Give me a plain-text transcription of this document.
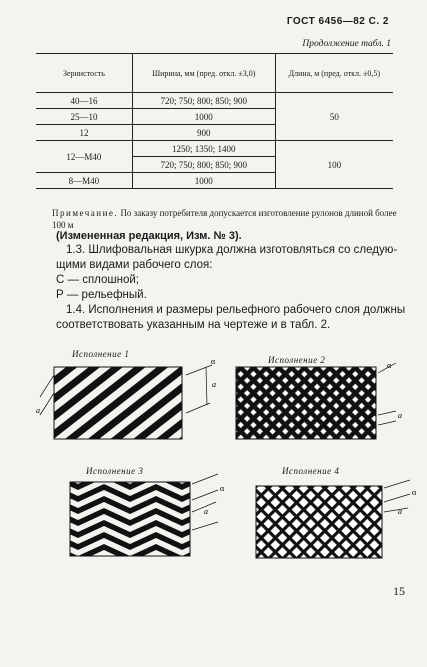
ГОСТ 6456—82 С. 2
Продолжение табл. 1
Зернистость	Ширина, мм (пред. откл. ±3,0)	Длина, м (пред. откл. ±0,5)
40—16	720; 750; 800; 850; 900	50
25—10	1000	
12	900	
12—M40	1250; 1350; 1400	100
	720; 750; 800; 850; 900	
8—M40	1000	
Примечание. По заказу потребителя допускается изготовление рулонов длиной более 100 м
(Измененная редакция, Изм. № 3).
1.3. Шлифовальная шкурка должна изготовляться со следую-
щими видами рабочего слоя:
С — сплошной;
Р — рельефный.
1.4. Исполнения и размеры рельефного рабочего слоя должны
соответствовать указанным на чертеже и в табл. 2.
Исполнение 1
a
α
a
Исполнение 2
α
a
Исполнение 3
α
a
Исполнение 4
α
a
15
